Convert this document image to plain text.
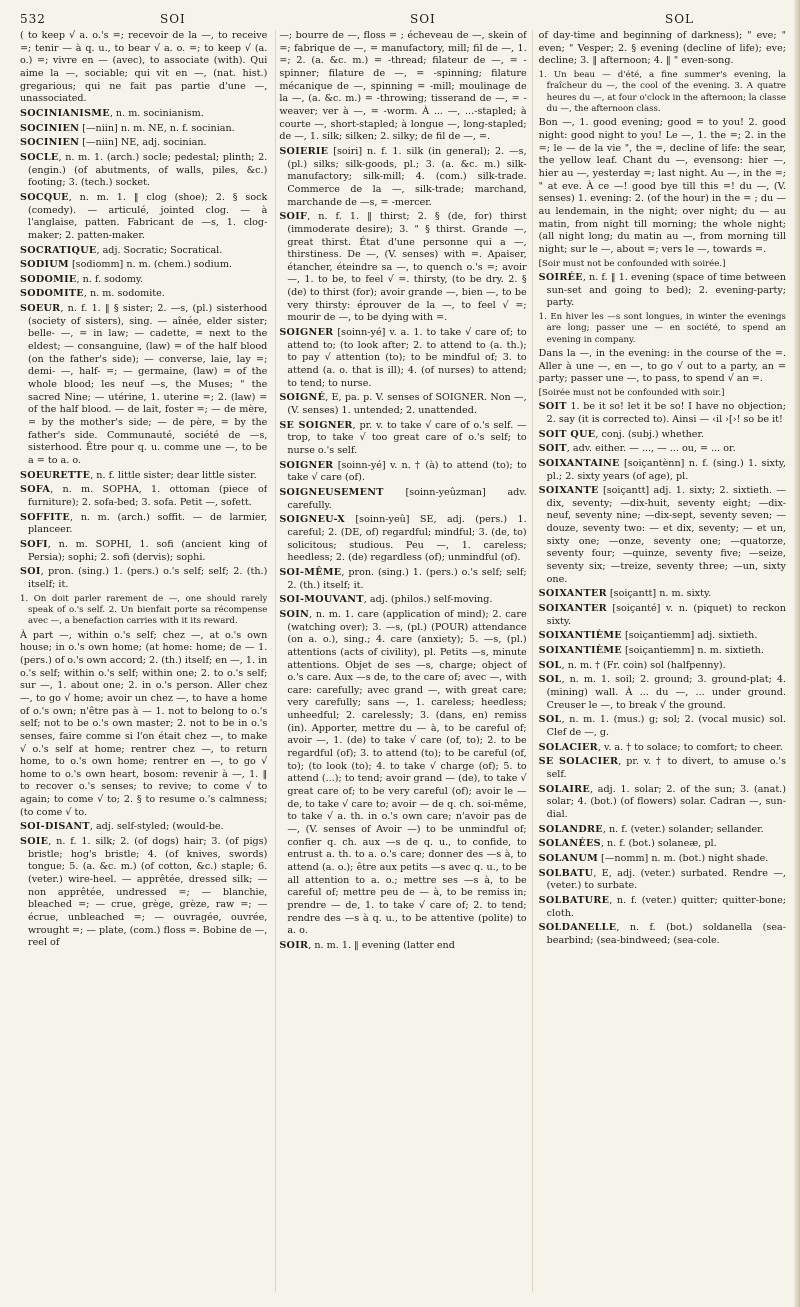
532	SOI	SOI	SOL

( to keep √ a. o.'s =; recevoir de la —, to receive =; tenir — à q. u., to bear √ a. o. =; to keep √ (a. o.) =; vivre en — (avec), to associate (with). Qui aime la —, sociable; qui vit en —, (nat. hist.) gregarious; qui ne fait pas partie d'une —, unassociated.

SOCINIANISME, n. m. socinianism.

SOCINIEN [—niin] n. m. NE, n. f. socinian.

SOCINIEN [—niin] NE, adj. socinian.

SOCLE, n. m. 1. (arch.) socle; pedestal; plinth; 2. (engin.) (of abutments, of walls, piles, &c.) footing; 3. (tech.) socket.

SOCQUE, n. m. 1. ‖ clog (shoe); 2. § sock (comedy). — articulé, jointed clog. — à l'anglaise, patten. Fabricant de —s, 1. clog-maker; 2. patten-maker.

SOCRATIQUE, adj. Socratic; Socratical.

SODIUM [sodiomm] n. m. (chem.) sodium.

SODOMIE, n. f. sodomy.

SODOMITE, n. m. sodomite.

SOEUR, n. f. 1. ‖ § sister; 2. —s, (pl.) sisterhood (society of sisters), sing. — aînée, elder sister; belle- —, = in law; — cadette, = next to the eldest; — consanguine, (law) = of the half blood (on the father's side); — converse, laie, lay =; demi- —, half- =; — germaine, (law) = of the whole blood; les neuf —s, the Muses; " the sacred Nine; — utérine, 1. uterine =; 2. (law) = of the half blood. — de lait, foster =; — de mère, = by the mother's side; — de père, = by the father's side. Communauté, société de —s, sisterhood. Être pour q. u. comme une —, to be a = to a. o.

SOEURETTE, n. f. little sister; dear little sister.

SOFA, n. m. SOPHA, 1. ottoman (piece of furniture); 2. sofa-bed; 3. sofa. Petit —, sofett.

SOFFITE, n. m. (arch.) soffit. — de larmier, planceer.

SOFI, n. m. SOPHI, 1. sofi (ancient king of Persia); sophi; 2. sofi (dervis); sophi.

SOI, pron. (sing.) 1. (pers.) o.'s self; self; 2. (th.) itself; it.

1. On doit parler rarement de —, one should rarely speak of o.'s self. 2. Un bienfait porte sa récompense avec —, a benefaction carries with it its reward.

À part —, within o.'s self; chez —, at o.'s own house; in o.'s own home; (at home: home; de — 1. (pers.) of o.'s own accord; 2. (th.) itself; en —, 1. in o.'s self; within o.'s self; within one; 2. to o.'s self; sur —, 1. about one; 2. in o.'s person. Aller chez —, to go √ home; avoir un chez —, to have a home of o.'s own; n'être pas à — 1. not to belong to o.'s self; not to be o.'s own master; 2. not to be in o.'s senses, faire comme si l'on était chez —, to make √ o.'s self at home; rentrer chez —, to return home, to o.'s own home; rentrer en —, to go √ home to o.'s own heart, bosom: revenir à —, 1. ‖ to recover o.'s senses; to revive; to come √ to again; to come √ to; 2. § to resume o.'s calmness; (to come √ to.

SOI-DISANT, adj. self-styled; (would-be.

SOIE, n. f. 1. silk; 2. (of dogs) hair; 3. (of pigs) bristle; hog's bristle; 4. (of knives, swords) tongue; 5. (a. &c. m.) (of cotton, &c.) staple; 6. (veter.) wire-heel. — apprêtée, dressed silk; — non apprêtée, undressed =; — blanchie, bleached =; — crue, grège, grèze, raw =; — écrue, unbleached =; — ouvragée, ouvrée, wrought =; — plate, (com.) floss =. Bobine de —, reel of

—; bourre de —, floss = ; écheveau de —, skein of =; fabrique de —, = manufactory, mill; fil de —, 1. =; 2. (a. &c. m.) = -thread; filateur de —, = -spinner; filature de —, = -spinning; filature mécanique de —, spinning = -mill; moulinage de la —, (a. &c. m.) = -throwing; tisserand de —, = -weaver; ver à —, = -worm. À ... —, ...-stapled; à courte —, short-stapled; à longue —, long-stapled; de —, 1. silk; silken; 2. silky; de fil de —, =.

SOIERIE [soiri] n. f. 1. silk (in general); 2. —s, (pl.) silks; silk-goods, pl.; 3. (a. &c. m.) silk-manufactory; silk-mill; 4. (com.) silk-trade. Commerce de la —, silk-trade; marchand, marchande de —s, = -mercer.

SOIF, n. f. 1. ‖ thirst; 2. § (de, for) thirst (immoderate desire); 3. " § thirst. Grande —, great thirst. État d'une personne qui a —, thirstiness. De —, (V. senses) with =. Apaiser, étancher, éteindre sa —, to quench o.'s =; avoir —, 1. to be, to feel √ =. thirsty, (to be dry. 2. § (de) to thirst (for); avoir grande —, bien —, to be very thirsty: éprouver de la —, to feel √ =; mourir de —, to be dying with =.

SOIGNER [soinn-yé] v. a. 1. to take √ care of; to attend to; (to look after; 2. to attend to (a. th.); to pay √ attention (to); to be mindful of; 3. to attend (a. o. that is ill); 4. (of nurses) to attend; to tend; to nurse.

SOIGNÉ, E, pa. p. V. senses of SOIGNER. Non —, (V. senses) 1. untended; 2. unattended.

SE SOIGNER, pr. v. to take √ care of o.'s self. — trop, to take √ too great care of o.'s self; to nurse o.'s self.

SOIGNER [soinn-yé] v. n. † (à) to attend (to); to take √ care (of).

SOIGNEUSEMENT [soinn-yeûzman] adv. carefully.

SOIGNEU-X [soinn-yeû] SE, adj. (pers.) 1. careful; 2. (DE, of) regardful; mindful; 3. (de, to) solicitous; studious. Peu —, 1. careless; heedless; 2. (de) regardless (of); unmindful (of).

SOI-MÊME, pron. (sing.) 1. (pers.) o.'s self; self; 2. (th.) itself; it.

SOI-MOUVANT, adj. (philos.) self-moving.

SOIN, n. m. 1. care (application of mind); 2. care (watching over); 3. —s, (pl.) (POUR) attendance (on a. o.), sing.; 4. care (anxiety); 5. —s, (pl.) attentions (acts of civility), pl. Petits —s, minute attentions. Objet de ses —s, charge; object of o.'s care. Aux —s de, to the care of; avec —, with care: carefully; avec grand —, with great care; very carefully; sans —, 1. careless; heedless; unheedful; 2. carelessly; 3. (dans, en) remiss (in). Apporter, mettre du — à, to be careful of; avoir —, 1. (de) to take √ care (of, to); 2. to be regardful (of); 3. to attend (to); to be careful (of, to); (to look (to); 4. to take √ charge (of); 5. to attend (...); to tend; avoir grand — (de), to take √ great care of; to be very careful (of); avoir le — de, to take √ care to; avoir — de q. ch. soi-même, to take √ a. th. in o.'s own care; n'avoir pas de —, (V. senses of Avoir —) to be unmindful of; confier q. ch. aux —s de q. u., to confide, to entrust a. th. to a. o.'s care; donner des —s à, to attend (a. o.); être aux petits —s avec q. u., to be all attention to a. o.; mettre ses —s à, to be careful of; mettre peu de — à, to be remiss in; prendre — de, 1. to take √ care of; 2. to tend; rendre des —s à q. u., to be attentive (polite) to a. o.

SOIR, n. m. 1. ‖ evening (latter end

of day-time and beginning of darkness); " eve; " even; " Vesper; 2. § evening (decline of life); eve; decline; 3. ‖ afternoon; 4. ‖ " even-song.

1. Un beau — d'été, a fine summer's evening, la fraîcheur du —, the cool of the evening. 3. A quatre heures du —, at four o'clock in the afternoon; la classe du —, the afternoon class.

Bon —, 1. good evening; good = to you! 2. good night: good night to you! Le —, 1. the =; 2. in the =; le — de la vie ", the =, decline of life: the sear, the yellow leaf. Chant du —, evensong: hier —, hier au —, yesterday =; last night. Au —, in the =; " at eve. À ce —! good bye till this =! du —, (V. senses) 1. evening: 2. (of the hour) in the = ; du — au lendemain, in the night; over night; du — au matin, from night till morning; the whole night; (all night long; du matin au —, from morning till night; sur le —, about =; vers le —, towards =.

[Soir must not be confounded with soirée.]

SOIRÉE, n. f. ‖ 1. evening (space of time between sun-set and going to bed); 2. evening-party; party.

1. En hiver les —s sont longues, in winter the evenings are long; passer une — en société, to spend an evening in company.

Dans la —, in the evening: in the course of the =. Aller à une —, en —, to go √ out to a party, an = party; passer une —, to pass, to spend √ an =.

[Soirée must not be confounded with soir.]

SOIT 1. be it so! let it be so! I have no objection; 2. say (it is corrected to). Ainsi — ‹il ›[›! so be it!

SOIT QUE, conj. (subj.) whether.

SOIT, adv. either. — ..., — ... ou, = ... or.

SOIXANTAINE [soiçantènn] n. f. (sing.) 1. sixty, pl.; 2. sixty years (of age), pl.

SOIXANTE [soiçantt] adj. 1. sixty; 2. sixtieth. —dix, seventy; —dix-huit, seventy eight; —dix-neuf, seventy nine; —dix-sept, seventy seven; —douze, seventy two: — et dix, seventy; — et un, sixty one; —onze, seventy one; —quatorze, seventy four; —quinze, seventy five; —seize, seventy six; —treize, seventy three; —un, sixty one.

SOIXANTER [soiçantt] n. m. sixty.

SOIXANTER [soiçanté] v. n. (piquet) to reckon sixty.

SOIXANTIÈME [soiçantiemm] adj. sixtieth.

SOIXANTIÈME [soiçantiemm] n. m. sixtieth.

SOL, n. m. † (Fr. coin) sol (halfpenny).

SOL, n. m. 1. soil; 2. ground; 3. ground-plat; 4. (mining) wall. À ... du —, ... under ground. Creuser le —, to break √ the ground.

SOL, n. m. 1. (mus.) g; sol; 2. (vocal music) sol. Clef de —, g.

SOLACIER, v. a. † to solace; to comfort; to cheer.

SE SOLACIER, pr. v. † to divert, to amuse o.'s self.

SOLAIRE, adj. 1. solar; 2. of the sun; 3. (anat.) solar; 4. (bot.) (of flowers) solar. Cadran —, sun-dial.

SOLANDRE, n. f. (veter.) solander; sellander.

SOLANÉES, n. f. (bot.) solaneæ, pl.

SOLANUM [—nomm] n. m. (bot.) night shade.

SOLBATU, E, adj. (veter.) surbated. Rendre —, (veter.) to surbate.

SOLBATURE, n. f. (veter.) quitter; quitter-bone; cloth.

SOLDANELLE, n. f. (bot.) soldanella (sea-bearbind; (sea-bindweed; (sea-cole.
